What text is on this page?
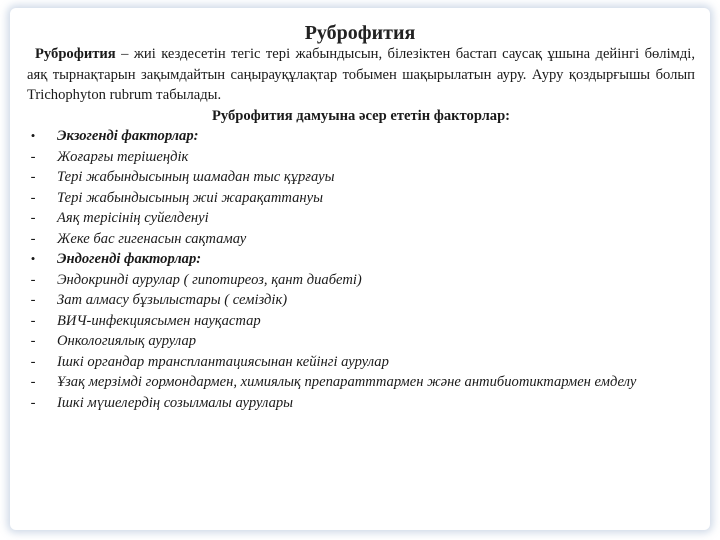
Руброфития

Руброфития – жиі кездесетін тегіс тері жабындысын, білезіктен бастап саусақ ұшына дейінгі бөлімді, аяқ тырнақтарын зақымдайтын саңырауқұлақтар тобымен шақырылатын ауру. Ауру қоздырғышы болып Trichophyton rubrum табылады.

Руброфития дамуына әсер ететін факторлар:

• Экзогенді факторлар:
- Жоғарғы терішеңдік
- Тері жабындысының шамадан тыс құрғауы
- Тері жабындысының жиі жарақаттануы
- Аяқ терісінің суйелденуі
- Жеке бас гигенасын сақтамау
• Эндогенді факторлар:
- Эндокринді аурулар ( гипотиреоз, қант диабеті)
- Зат алмасу бұзылыстары ( семіздік)
- ВИЧ-инфекциясымен науқастар
- Онкологиялық аурулар
- Ішкі органдар трансплантациясынан кейінгі аурулар
- Ұзақ мерзімді гормондармен, химиялық препаратттармен және антибиотиктармен емделу
- Ішкі мүшелердің созылмалы аурулары
